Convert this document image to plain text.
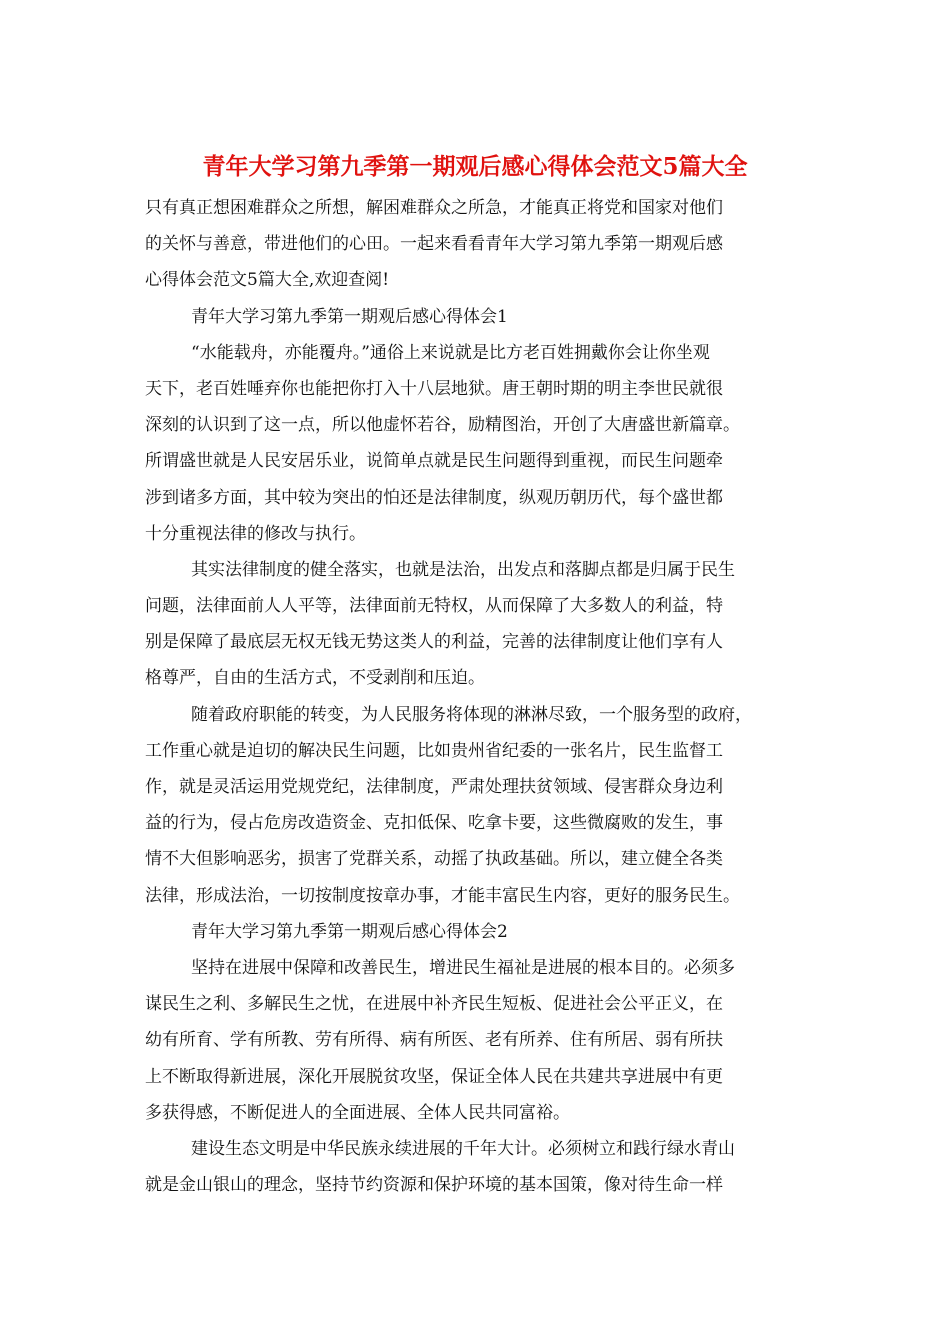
青年大学习第九季第一期观后感心得体会范文5篇大全
只有真正想困难群众之所想，解困难群众之所急，才能真正将党和国家对他们
的关怀与善意，带进他们的心田。一起来看看青年大学习第九季第一期观后感
心得体会范文5篇大全,欢迎查阅!
青年大学习第九季第一期观后感心得体会1
“水能载舟，亦能覆舟。”通俗上来说就是比方老百姓拥戴你会让你坐观
天下，老百姓唾弃你也能把你打入十八层地狱。唐王朝时期的明主李世民就很
深刻的认识到了这一点，所以他虚怀若谷，励精图治，开创了大唐盛世新篇章。
所谓盛世就是人民安居乐业，说简单点就是民生问题得到重视，而民生问题牵
涉到诸多方面，其中较为突出的怕还是法律制度，纵观历朝历代，每个盛世都
十分重视法律的修改与执行。
其实法律制度的健全落实，也就是法治，出发点和落脚点都是归属于民生
问题，法律面前人人平等，法律面前无特权，从而保障了大多数人的利益，特
别是保障了最底层无权无钱无势这类人的利益，完善的法律制度让他们享有人
格尊严，自由的生活方式，不受剥削和压迫。
随着政府职能的转变，为人民服务将体现的淋淋尽致，一个服务型的政府，
工作重心就是迫切的解决民生问题，比如贵州省纪委的一张名片，民生监督工
作，就是灵活运用党规党纪，法律制度，严肃处理扶贫领域、侵害群众身边利
益的行为，侵占危房改造资金、克扣低保、吃拿卡要，这些微腐败的发生，事
情不大但影响恶劣，损害了党群关系，动摇了执政基础。所以，建立健全各类
法律，形成法治，一切按制度按章办事，才能丰富民生内容，更好的服务民生。
青年大学习第九季第一期观后感心得体会2
坚持在进展中保障和改善民生，增进民生福祉是进展的根本目的。必须多
谋民生之利、多解民生之忧，在进展中补齐民生短板、促进社会公平正义，在
幼有所育、学有所教、劳有所得、病有所医、老有所养、住有所居、弱有所扶
上不断取得新进展，深化开展脱贫攻坚，保证全体人民在共建共享进展中有更
多获得感，不断促进人的全面进展、全体人民共同富裕。
建设生态文明是中华民族永续进展的千年大计。必须树立和践行绿水青山
就是金山银山的理念，坚持节约资源和保护环境的基本国策，像对待生命一样
